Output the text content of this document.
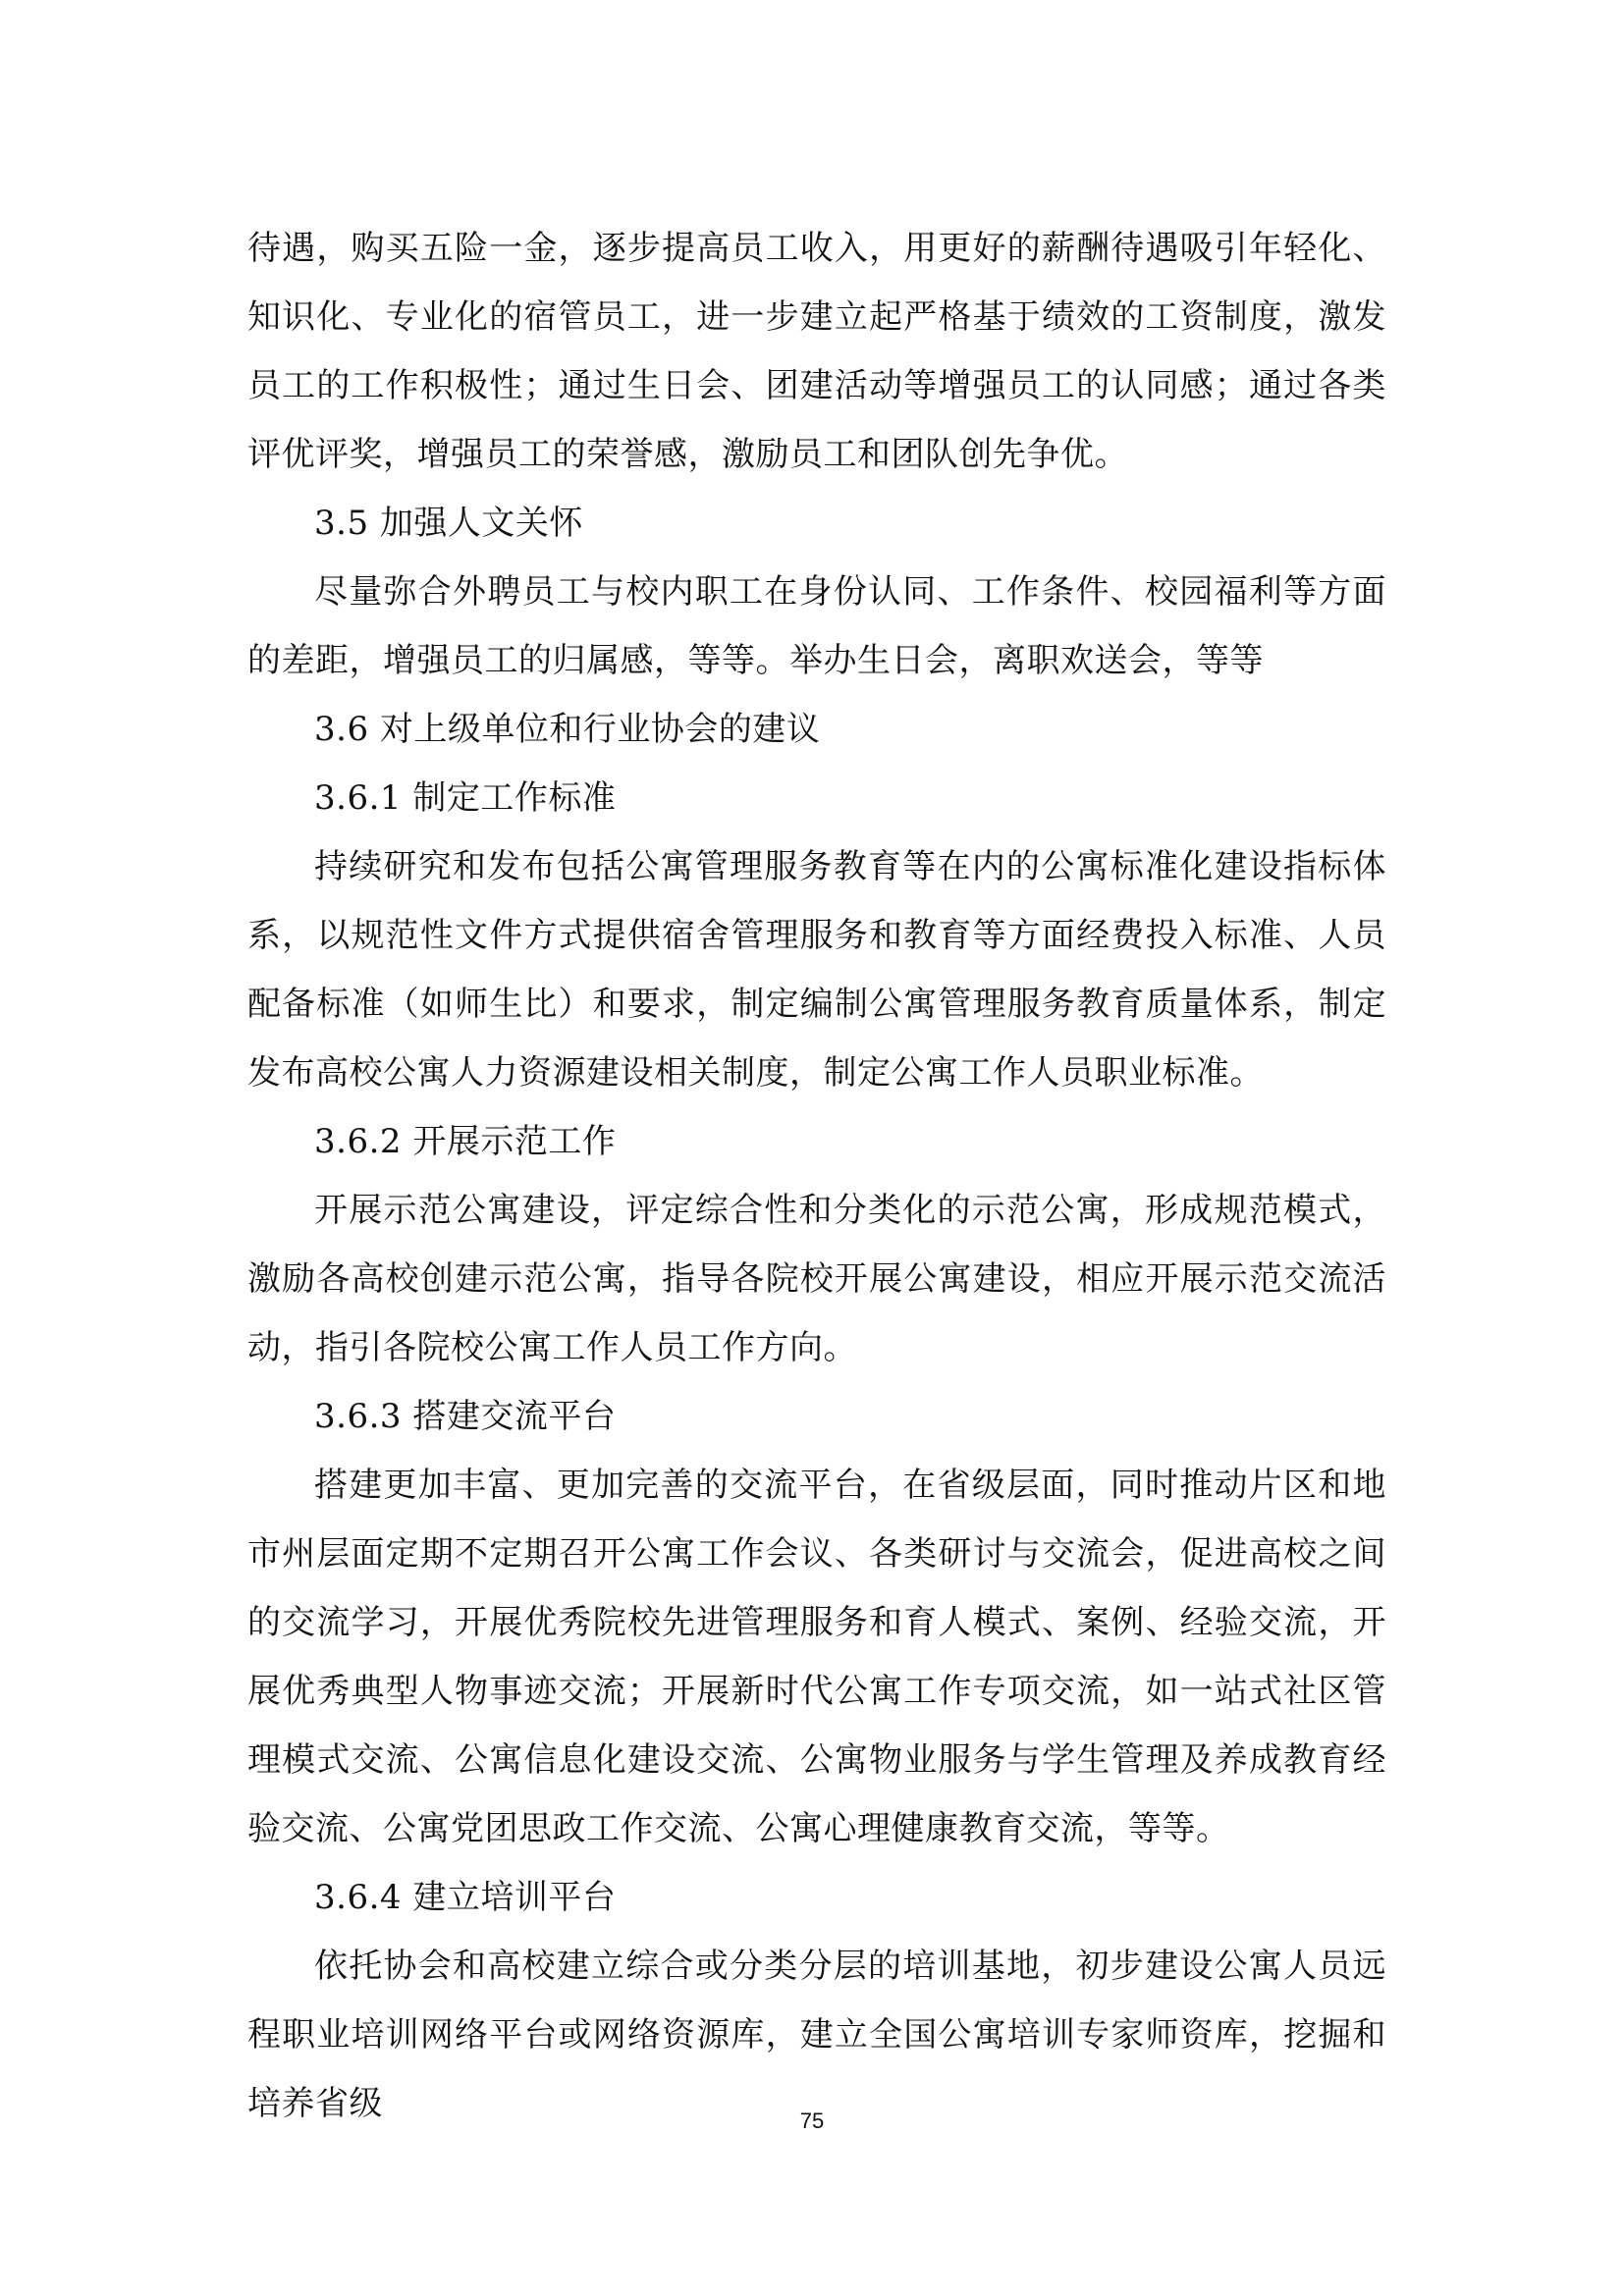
待遇，购买五险一金，逐步提高员工收入，用更好的薪酬待遇吸引年轻化、知识化、专业化的宿管员工，进一步建立起严格基于绩效的工资制度，激发员工的工作积极性；通过生日会、团建活动等增强员工的认同感；通过各类评优评奖，增强员工的荣誉感，激励员工和团队创先争优。

3.5 加强人文关怀

尽量弥合外聘员工与校内职工在身份认同、工作条件、校园福利等方面的差距，增强员工的归属感，等等。举办生日会，离职欢送会，等等

3.6 对上级单位和行业协会的建议

3.6.1 制定工作标准

持续研究和发布包括公寓管理服务教育等在内的公寓标准化建设指标体系，以规范性文件方式提供宿舍管理服务和教育等方面经费投入标准、人员配备标准（如师生比）和要求，制定编制公寓管理服务教育质量体系，制定发布高校公寓人力资源建设相关制度，制定公寓工作人员职业标准。

3.6.2 开展示范工作

开展示范公寓建设，评定综合性和分类化的示范公寓，形成规范模式，激励各高校创建示范公寓，指导各院校开展公寓建设，相应开展示范交流活动，指引各院校公寓工作人员工作方向。

3.6.3 搭建交流平台

搭建更加丰富、更加完善的交流平台，在省级层面，同时推动片区和地市州层面定期不定期召开公寓工作会议、各类研讨与交流会，促进高校之间的交流学习，开展优秀院校先进管理服务和育人模式、案例、经验交流，开展优秀典型人物事迹交流；开展新时代公寓工作专项交流，如一站式社区管理模式交流、公寓信息化建设交流、公寓物业服务与学生管理及养成教育经验交流、公寓党团思政工作交流、公寓心理健康教育交流，等等。

3.6.4 建立培训平台

依托协会和高校建立综合或分类分层的培训基地，初步建设公寓人员远程职业培训网络平台或网络资源库，建立全国公寓培训专家师资库，挖掘和培养省级	75
